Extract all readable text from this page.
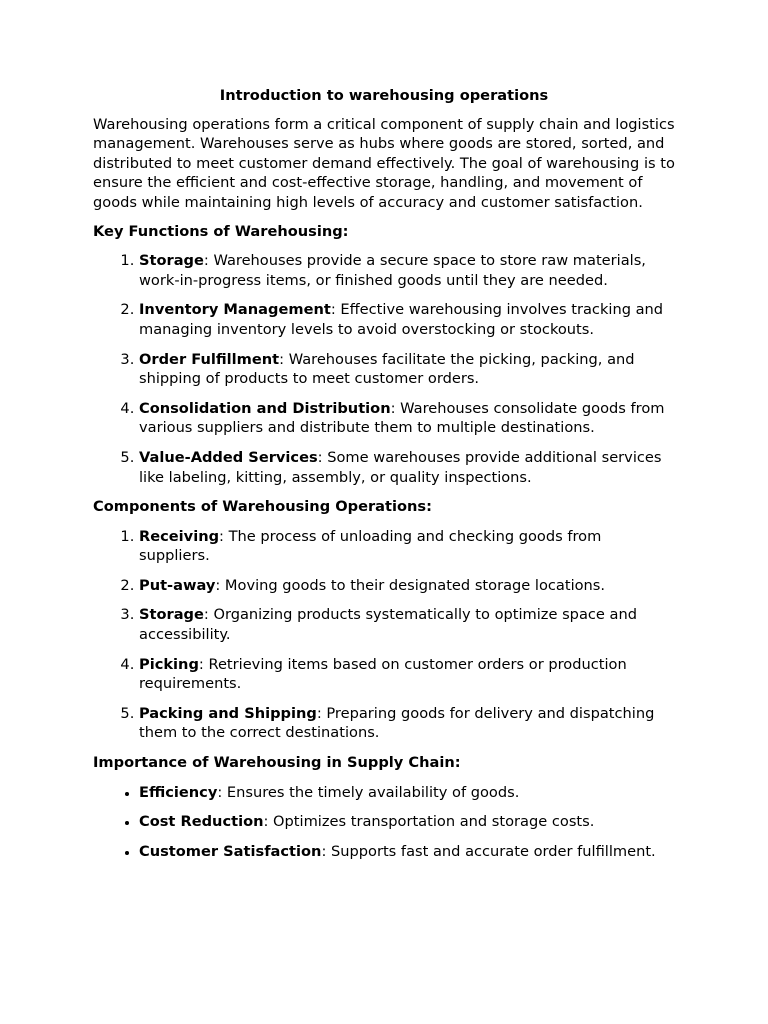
Introduction to warehousing operations

Warehousing operations form a critical component of supply chain and logistics management. Warehouses serve as hubs where goods are stored, sorted, and distributed to meet customer demand effectively. The goal of warehousing is to ensure the efficient and cost-effective storage, handling, and movement of goods while maintaining high levels of accuracy and customer satisfaction.

Key Functions of Warehousing:
1. Storage: Warehouses provide a secure space to store raw materials, work-in-progress items, or finished goods until they are needed.
2. Inventory Management: Effective warehousing involves tracking and managing inventory levels to avoid overstocking or stockouts.
3. Order Fulfillment: Warehouses facilitate the picking, packing, and shipping of products to meet customer orders.
4. Consolidation and Distribution: Warehouses consolidate goods from various suppliers and distribute them to multiple destinations.
5. Value-Added Services: Some warehouses provide additional services like labeling, kitting, assembly, or quality inspections.
Components of Warehousing Operations:
1. Receiving: The process of unloading and checking goods from suppliers.
2. Put-away: Moving goods to their designated storage locations.
3. Storage: Organizing products systematically to optimize space and accessibility.
4. Picking: Retrieving items based on customer orders or production requirements.
5. Packing and Shipping: Preparing goods for delivery and dispatching them to the correct destinations.
Importance of Warehousing in Supply Chain:
• Efficiency: Ensures the timely availability of goods.
• Cost Reduction: Optimizes transportation and storage costs.
• Customer Satisfaction: Supports fast and accurate order fulfillment.
